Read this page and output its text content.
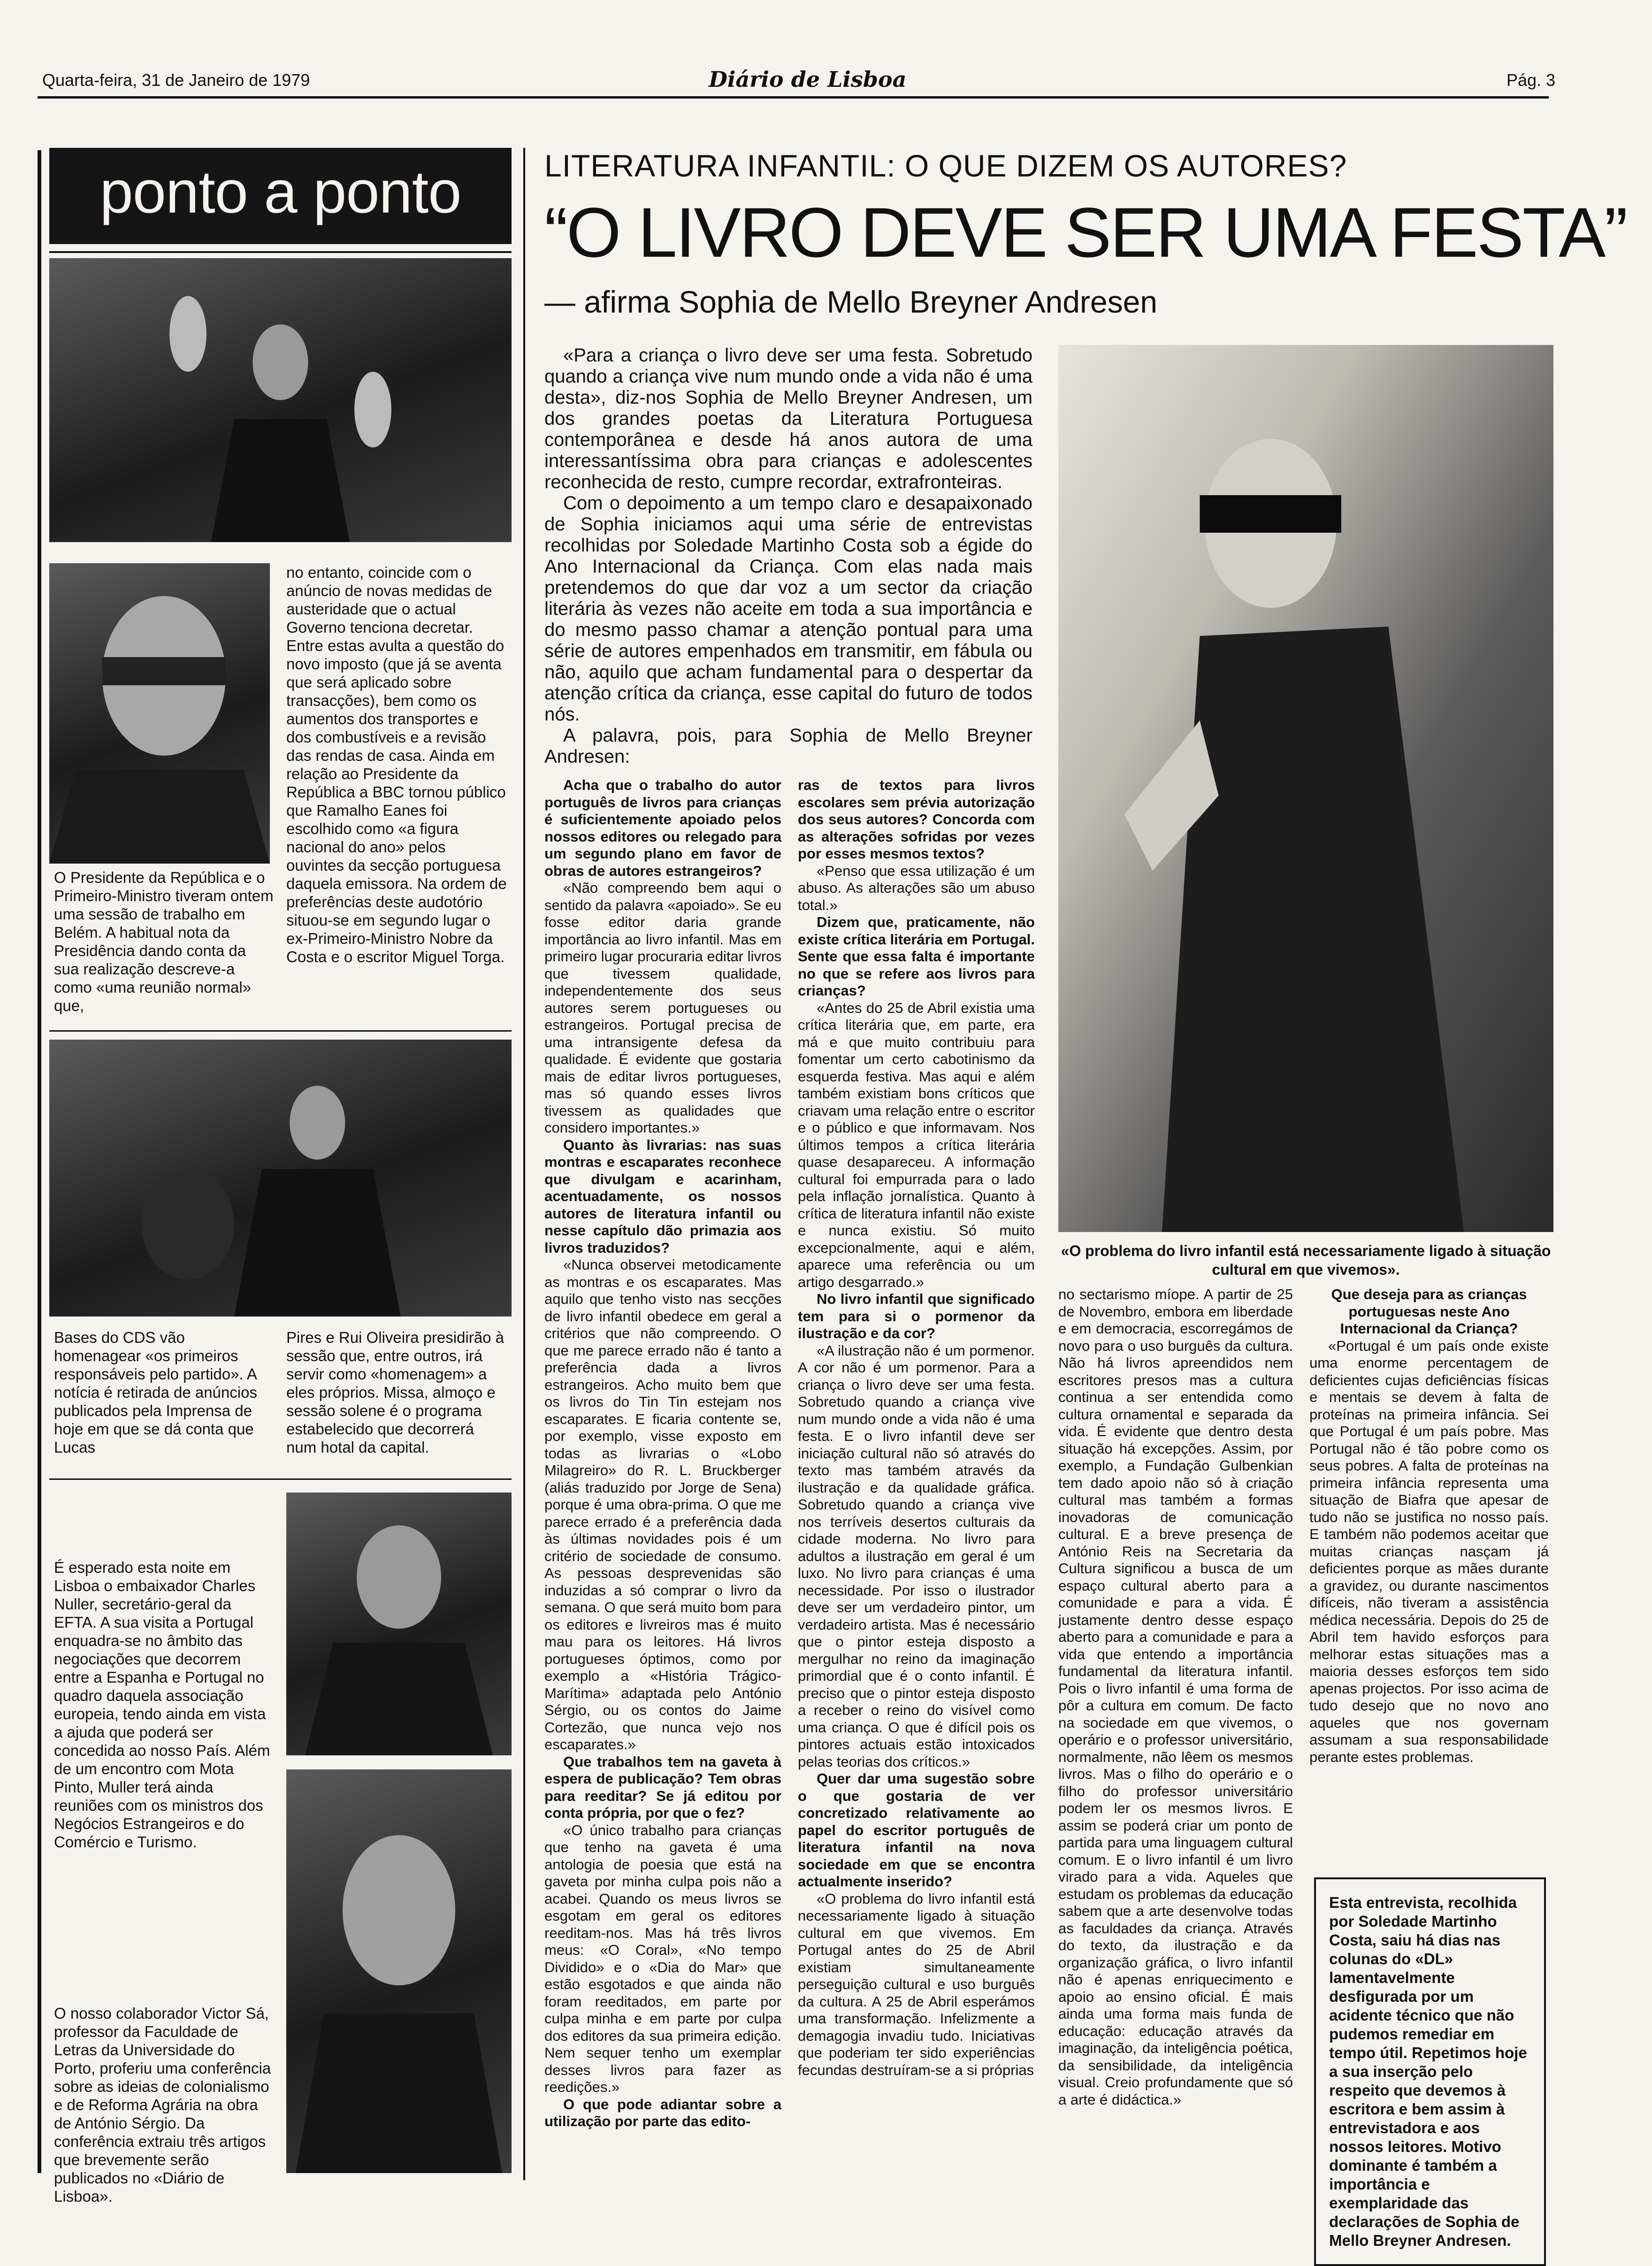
Quarta-feira, 31 de Janeiro de 1979	Diário de Lisboa	Pág. 3
ponto a ponto
O Presidente da República e o Primeiro-Ministro tiveram ontem uma sessão de trabalho em Belém. A habitual nota da Presidência dando conta da sua realização descreve-a como «uma reunião normal» que,
no entanto, coincide com o anúncio de novas medidas de austeridade que o actual Governo tenciona decretar. Entre estas avulta a questão do novo imposto (que já se aventa que será aplicado sobre transacções), bem como os aumentos dos transportes e dos combustíveis e a revisão das rendas de casa. Ainda em relação ao Presidente da República a BBC tornou público que Ramalho Eanes foi escolhido como «a figura nacional do ano» pelos ouvintes da secção portuguesa daquela emissora. Na ordem de preferências deste audotório situou-se em segundo lugar o ex-Primeiro-Ministro Nobre da Costa e o escritor Miguel Torga.
Bases do CDS vão homenagear «os primeiros responsáveis pelo partido». A notícia é retirada de anúncios publicados pela Imprensa de hoje em que se dá conta que Lucas
Pires e Rui Oliveira presidirão à sessão que, entre outros, irá servir como «homenagem» a eles próprios. Missa, almoço e sessão solene é o programa estabelecido que decorrerá num hotal da capital.
É esperado esta noite em Lisboa o embaixador Charles Nuller, secretário-geral da EFTA. A sua visita a Portugal enquadra-se no âmbito das negociações que decorrem entre a Espanha e Portugal no quadro daquela associação europeia, tendo ainda em vista a ajuda que poderá ser concedida ao nosso País. Além de um encontro com Mota Pinto, Muller terá ainda reuniões com os ministros dos Negócios Estrangeiros e do Comércio e Turismo.
O nosso colaborador Victor Sá, professor da Faculdade de Letras da Universidade do Porto, proferiu uma conferência sobre as ideias de colonialismo e de Reforma Agrária na obra de António Sérgio. Da conferência extraiu três artigos que brevemente serão publicados no «Diário de Lisboa».
LITERATURA INFANTIL: O QUE DIZEM OS AUTORES?
“O LIVRO DEVE SER UMA FESTA”
— afirma Sophia de Mello Breyner Andresen

«Para a criança o livro deve ser uma festa. Sobretudo quando a criança vive num mundo onde a vida não é uma desta», diz-nos Sophia de Mello Breyner Andresen, um dos grandes poetas da Literatura Portuguesa contemporânea e desde há anos autora de uma interessantíssima obra para crianças e adolescentes reconhecida de resto, cumpre recordar, extrafronteiras.

Com o depoimento a um tempo claro e desapaixonado de Sophia iniciamos aqui uma série de entrevistas recolhidas por Soledade Martinho Costa sob a égide do Ano Internacional da Criança. Com elas nada mais pretendemos do que dar voz a um sector da criação literária às vezes não aceite em toda a sua importância e do mesmo passo chamar a atenção pontual para uma série de autores empenhados em transmitir, em fábula ou não, aquilo que acham fundamental para o despertar da atenção crítica da criança, esse capital do futuro de todos nós.

A palavra, pois, para Sophia de Mello Breyner Andresen:

«O problema do livro infantil está necessariamente ligado à situação cultural em que vivemos».

Acha que o trabalho do autor português de livros para crianças é suficientemente apoiado pelos nossos editores ou relegado para um segundo plano em favor de obras de autores estrangeiros?

«Não compreendo bem aqui o sentido da palavra «apoiado». Se eu fosse editor daria grande importância ao livro infantil. Mas em primeiro lugar procuraria editar livros que tivessem qualidade, independentemente dos seus autores serem portugueses ou estrangeiros. Portugal precisa de uma intransigente defesa da qualidade. É evidente que gostaria mais de editar livros portugueses, mas só quando esses livros tivessem as qualidades que considero importantes.»

Quanto às livrarias: nas suas montras e escaparates reconhece que divulgam e acarinham, acentuadamente, os nossos autores de literatura infantil ou nesse capítulo dão primazia aos livros traduzidos?

«Nunca observei metodicamente as montras e os escaparates. Mas aquilo que tenho visto nas secções de livro infantil obedece em geral a critérios que não compreendo. O que me parece errado não é tanto a preferência dada a livros estrangeiros. Acho muito bem que os livros do Tin Tin estejam nos escaparates. E ficaria contente se, por exemplo, visse exposto em todas as livrarias o «Lobo Milagreiro» do R. L. Bruckberger (aliás traduzido por Jorge de Sena) porque é uma obra-prima. O que me parece errado é a preferência dada às últimas novidades pois é um critério de sociedade de consumo. As pessoas desprevenidas são induzidas a só comprar o livro da semana. O que será muito bom para os editores e livreiros mas é muito mau para os leitores. Há livros portugueses óptimos, como por exemplo a «História Trágico-Marítima» adaptada pelo António Sérgio, ou os contos do Jaime Cortezão, que nunca vejo nos escaparates.»

Que trabalhos tem na gaveta à espera de publicação? Tem obras para reeditar? Se já editou por conta própria, por que o fez?

«O único trabalho para crianças que tenho na gaveta é uma antologia de poesia que está na gaveta por minha culpa pois não a acabei. Quando os meus livros se esgotam em geral os editores reeditam-nos. Mas há três livros meus: «O Coral», «No tempo Dividido» e o «Dia do Mar» que estão esgotados e que ainda não foram reeditados, em parte por culpa minha e em parte por culpa dos editores da sua primeira edição. Nem sequer tenho um exemplar desses livros para fazer as reedições.»

O que pode adiantar sobre a utilização por parte das edito-

ras de textos para livros escolares sem prévia autorização dos seus autores? Concorda com as alterações sofridas por vezes por esses mesmos textos?

«Penso que essa utilização é um abuso. As alterações são um abuso total.»

Dizem que, praticamente, não existe crítica literária em Portugal. Sente que essa falta é importante no que se refere aos livros para crianças?

«Antes do 25 de Abril existia uma crítica literária que, em parte, era má e que muito contribuiu para fomentar um certo cabotinismo da esquerda festiva. Mas aqui e além também existiam bons críticos que criavam uma relação entre o escritor e o público e que informavam. Nos últimos tempos a crítica literária quase desapareceu. A informação cultural foi empurrada para o lado pela inflação jornalística. Quanto à crítica de literatura infantil não existe e nunca existiu. Só muito excepcionalmente, aqui e além, aparece uma referência ou um artigo desgarrado.»

No livro infantil que significado tem para si o pormenor da ilustração e da cor?

«A ilustração não é um pormenor. A cor não é um pormenor. Para a criança o livro deve ser uma festa. Sobretudo quando a criança vive num mundo onde a vida não é uma festa. E o livro infantil deve ser iniciação cultural não só através do texto mas também através da ilustração e da qualidade gráfica. Sobretudo quando a criança vive nos terríveis desertos culturais da cidade moderna. No livro para adultos a ilustração em geral é um luxo. No livro para crianças é uma necessidade. Por isso o ilustrador deve ser um verdadeiro pintor, um verdadeiro artista. Mas é necessário que o pintor esteja disposto a mergulhar no reino da imaginação primordial que é o conto infantil. É preciso que o pintor esteja disposto a receber o reino do visível como uma criança. O que é difícil pois os pintores actuais estão intoxicados pelas teorias dos críticos.»

Quer dar uma sugestão sobre o que gostaria de ver concretizado relativamente ao papel do escritor português de literatura infantil na nova sociedade em que se encontra actualmente inserido?

«O problema do livro infantil está necessariamente ligado à situação cultural em que vivemos. Em Portugal antes do 25 de Abril existiam simultaneamente perseguição cultural e uso burguês da cultura. A 25 de Abril esperámos uma transformação. Infelizmente a demagogia invadiu tudo. Iniciativas que poderiam ter sido experiências fecundas destruíram-se a si próprias

no sectarismo míope. A partir de 25 de Novembro, embora em liberdade e em democracia, escorregámos de novo para o uso burguês da cultura. Não há livros apreendidos nem escritores presos mas a cultura continua a ser entendida como cultura ornamental e separada da vida. É evidente que dentro desta situação há excepções. Assim, por exemplo, a Fundação Gulbenkian tem dado apoio não só à criação cultural mas também a formas inovadoras de comunicação cultural. E a breve presença de António Reis na Secretaria da Cultura significou a busca de um espaço cultural aberto para a comunidade e para a vida. É justamente dentro desse espaço aberto para a comunidade e para a vida que entendo a importância fundamental da literatura infantil. Pois o livro infantil é uma forma de pôr a cultura em comum. De facto na sociedade em que vivemos, o operário e o professor universitário, normalmente, não lêem os mesmos livros. Mas o filho do operário e o filho do professor universitário podem ler os mesmos livros. E assim se poderá criar um ponto de partida para uma linguagem cultural comum. E o livro infantil é um livro virado para a vida. Aqueles que estudam os problemas da educação sabem que a arte desenvolve todas as faculdades da criança. Através do texto, da ilustração e da organização gráfica, o livro infantil não é apenas enriquecimento e apoio ao ensino oficial. É mais ainda uma forma mais funda de educação: educação através da imaginação, da inteligência poética, da sensibilidade, da inteligência visual. Creio profundamente que só a arte é didáctica.»

Que deseja para as crianças portuguesas neste Ano Internacional da Criança?

«Portugal é um país onde existe uma enorme percentagem de deficientes cujas deficiências físicas e mentais se devem à falta de proteínas na primeira infância. Sei que Portugal é um país pobre. Mas Portugal não é tão pobre como os seus pobres. A falta de proteínas na primeira infância representa uma situação de Biafra que apesar de tudo não se justifica no nosso país. E também não podemos aceitar que muitas crianças nasçam já deficientes porque as mães durante a gravidez, ou durante nascimentos difíceis, não tiveram a assistência médica necessária. Depois do 25 de Abril tem havido esforços para melhorar estas situações mas a maioria desses esforços tem sido apenas projectos. Por isso acima de tudo desejo que no novo ano aqueles que nos governam assumam a sua responsabilidade perante estes problemas.

Esta entrevista, recolhida por Soledade Martinho Costa, saiu há dias nas colunas do «DL» lamentavelmente desfigurada por um acidente técnico que não pudemos remediar em tempo útil. Repetimos hoje a sua inserção pelo respeito que devemos à escritora e bem assim à entrevistadora e aos nossos leitores. Motivo dominante é também a importância e exemplaridade das declarações de Sophia de Mello Breyner Andresen.
